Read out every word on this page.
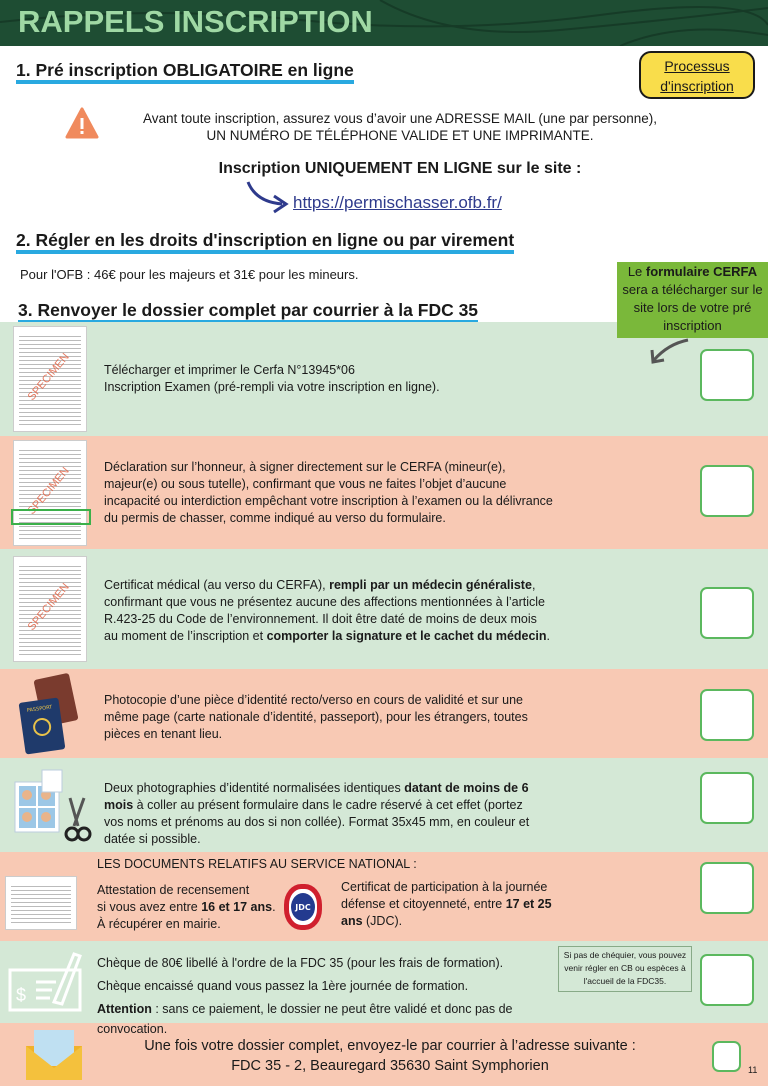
RAPPELS INSCRIPTION
Processus
d'inscription
1. Pré inscription OBLIGATOIRE en ligne
Avant toute inscription, assurez vous d’avoir une ADRESSE MAIL (une par personne),
UN NUMÉRO DE TÉLÉPHONE VALIDE ET UNE IMPRIMANTE.
Inscription UNIQUEMENT EN LIGNE sur le site :
https://permischasser.ofb.fr/
2. Régler en les droits d'inscription en ligne ou par virement
Pour l'OFB : 46€ pour les majeurs et 31€ pour les mineurs.
3. Renvoyer le dossier complet par courrier à la FDC 35
Le formulaire CERFA sera a télécharger sur le site lors de votre pré inscription
SPECIMEN
SPECIMEN
SPECIMEN
Télécharger et imprimer le Cerfa N°13945*06
Inscription Examen (pré-rempli via votre inscription en ligne).
Déclaration sur l’honneur, à signer directement sur le CERFA (mineur(e), majeur(e) ou sous tutelle), confirmant que vous ne faites l’objet d’aucune incapacité ou interdiction empêchant votre inscription à l’examen ou la délivrance du permis de chasser, comme indiqué au verso du formulaire.
Certificat médical (au verso du CERFA), rempli par un médecin généraliste, confirmant que vous ne présentez aucune des affections mentionnées à l’article R.423-25 du Code de l’environnement. Il doit être daté de moins de deux mois au moment de l’inscription et comporter la signature et le cachet du médecin.
PASSPORT
Photocopie d’une pièce d’identité recto/verso en cours de validité et sur une même page (carte nationale d’identité, passeport), pour les étrangers, toutes pièces en tenant lieu.
Deux photographies d’identité normalisées identiques datant de moins de 6 mois à coller au présent formulaire dans le cadre réservé à cet effet (portez vos noms et prénoms au dos si non collée). Format 35x45 mm, en couleur et datée si possible.
LES DOCUMENTS RELATIFS AU SERVICE NATIONAL :
Attestation de recensement
si vous avez entre 16 et 17 ans.
À récupérer en mairie.
JDC
Certificat de participation à la journée défense et citoyenneté, entre 17 et 25 ans (JDC).
$
Chèque de 80€ libellé à l'ordre de la FDC 35 (pour les frais de formation).
Chèque encaissé quand vous passez la 1ère journée de formation.
Attention : sans ce paiement, le dossier ne peut être validé et donc pas de convocation.
Si pas de chéquier, vous pouvez venir régler en CB ou espèces à l'accueil de la FDC35.
Une fois votre dossier complet, envoyez-le par courrier à l’adresse suivante :
FDC 35 - 2, Beauregard 35630 Saint Symphorien	11
